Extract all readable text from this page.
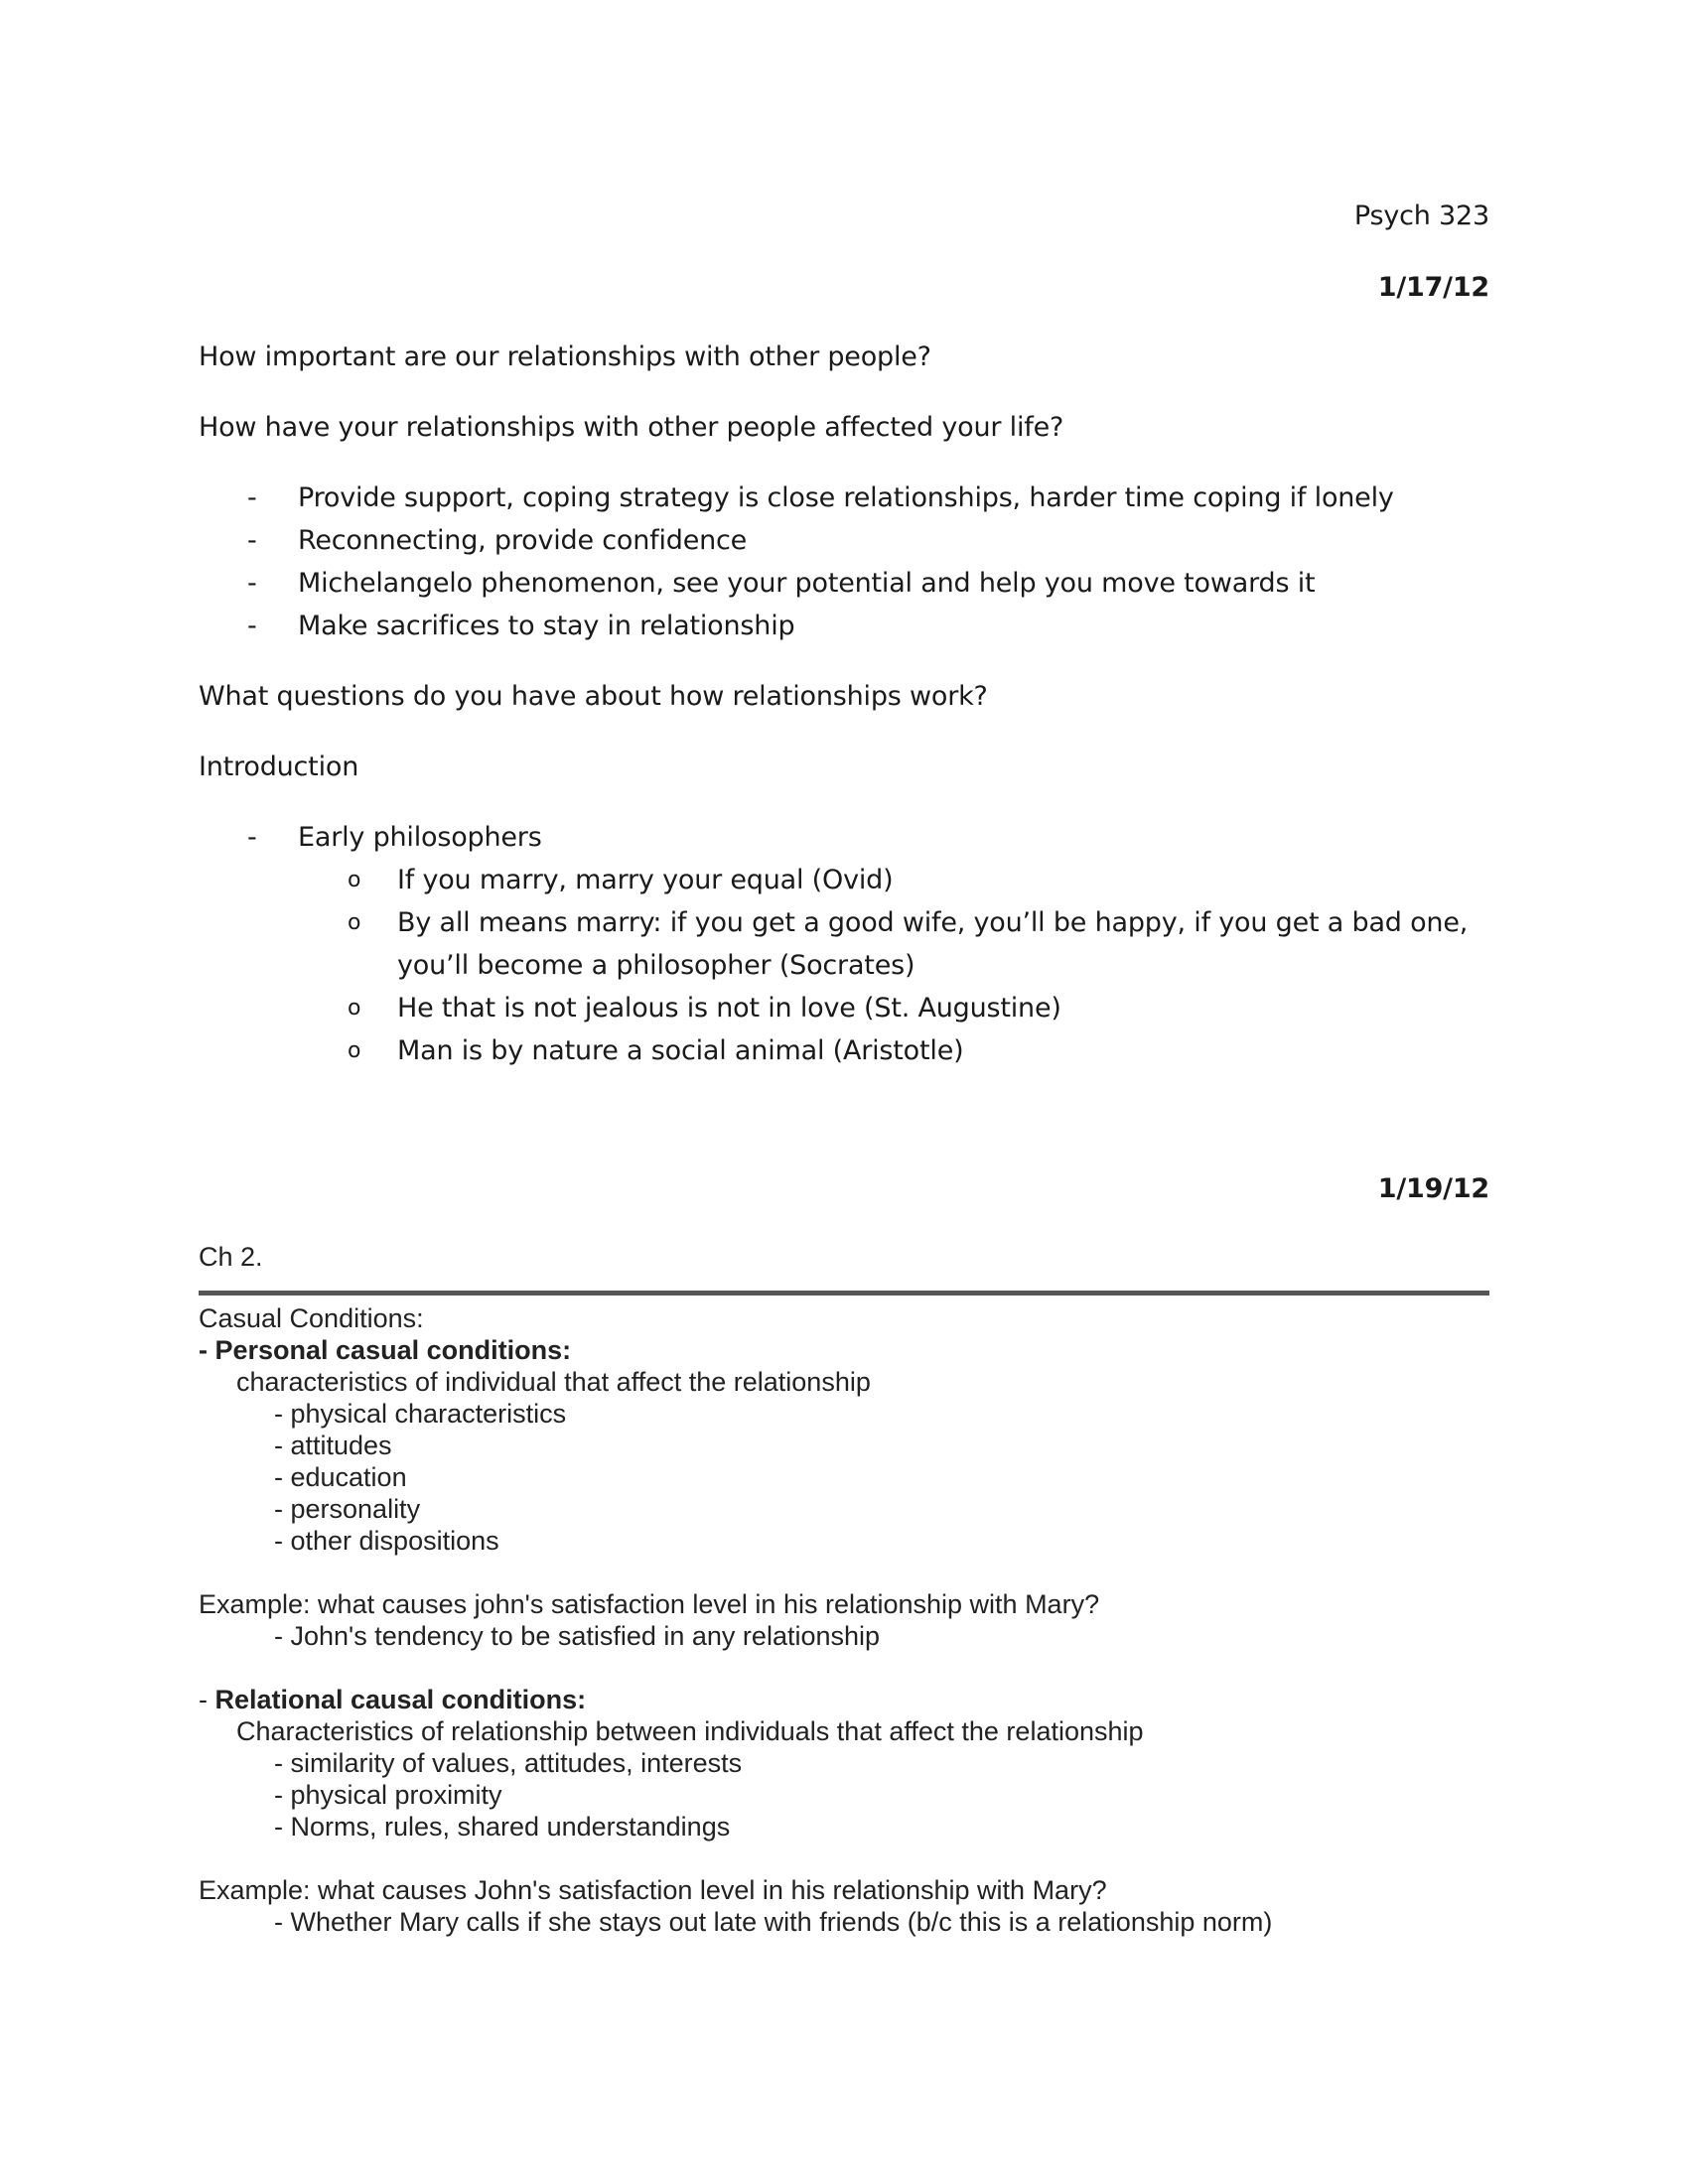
Psych 323
1/17/12
How important are our relationships with other people?
How have your relationships with other people affected your life?
- Provide support, coping strategy is close relationships, harder time coping if lonely
- Reconnecting, provide confidence
- Michelangelo phenomenon, see your potential and help you move towards it
- Make sacrifices to stay in relationship
What questions do you have about how relationships work?
Introduction
- Early philosophers
o If you marry, marry your equal (Ovid)
o By all means marry: if you get a good wife, you’ll be happy, if you get a bad one, you’ll become a philosopher (Socrates)
o He that is not jealous is not in love (St. Augustine)
o Man is by nature a social animal (Aristotle)
1/19/12
Ch 2.
Casual Conditions:
- Personal casual conditions:
characteristics of individual that affect the relationship
- physical characteristics
- attitudes
- education
- personality
- other dispositions
Example: what causes john's satisfaction level in his relationship with Mary?
- John's tendency to be satisfied in any relationship
- Relational causal conditions:
Characteristics of relationship between individuals that affect the relationship
- similarity of values, attitudes, interests
- physical proximity
- Norms, rules, shared understandings
Example: what causes John's satisfaction level in his relationship with Mary?
- Whether Mary calls if she stays out late with friends (b/c this is a relationship norm)
